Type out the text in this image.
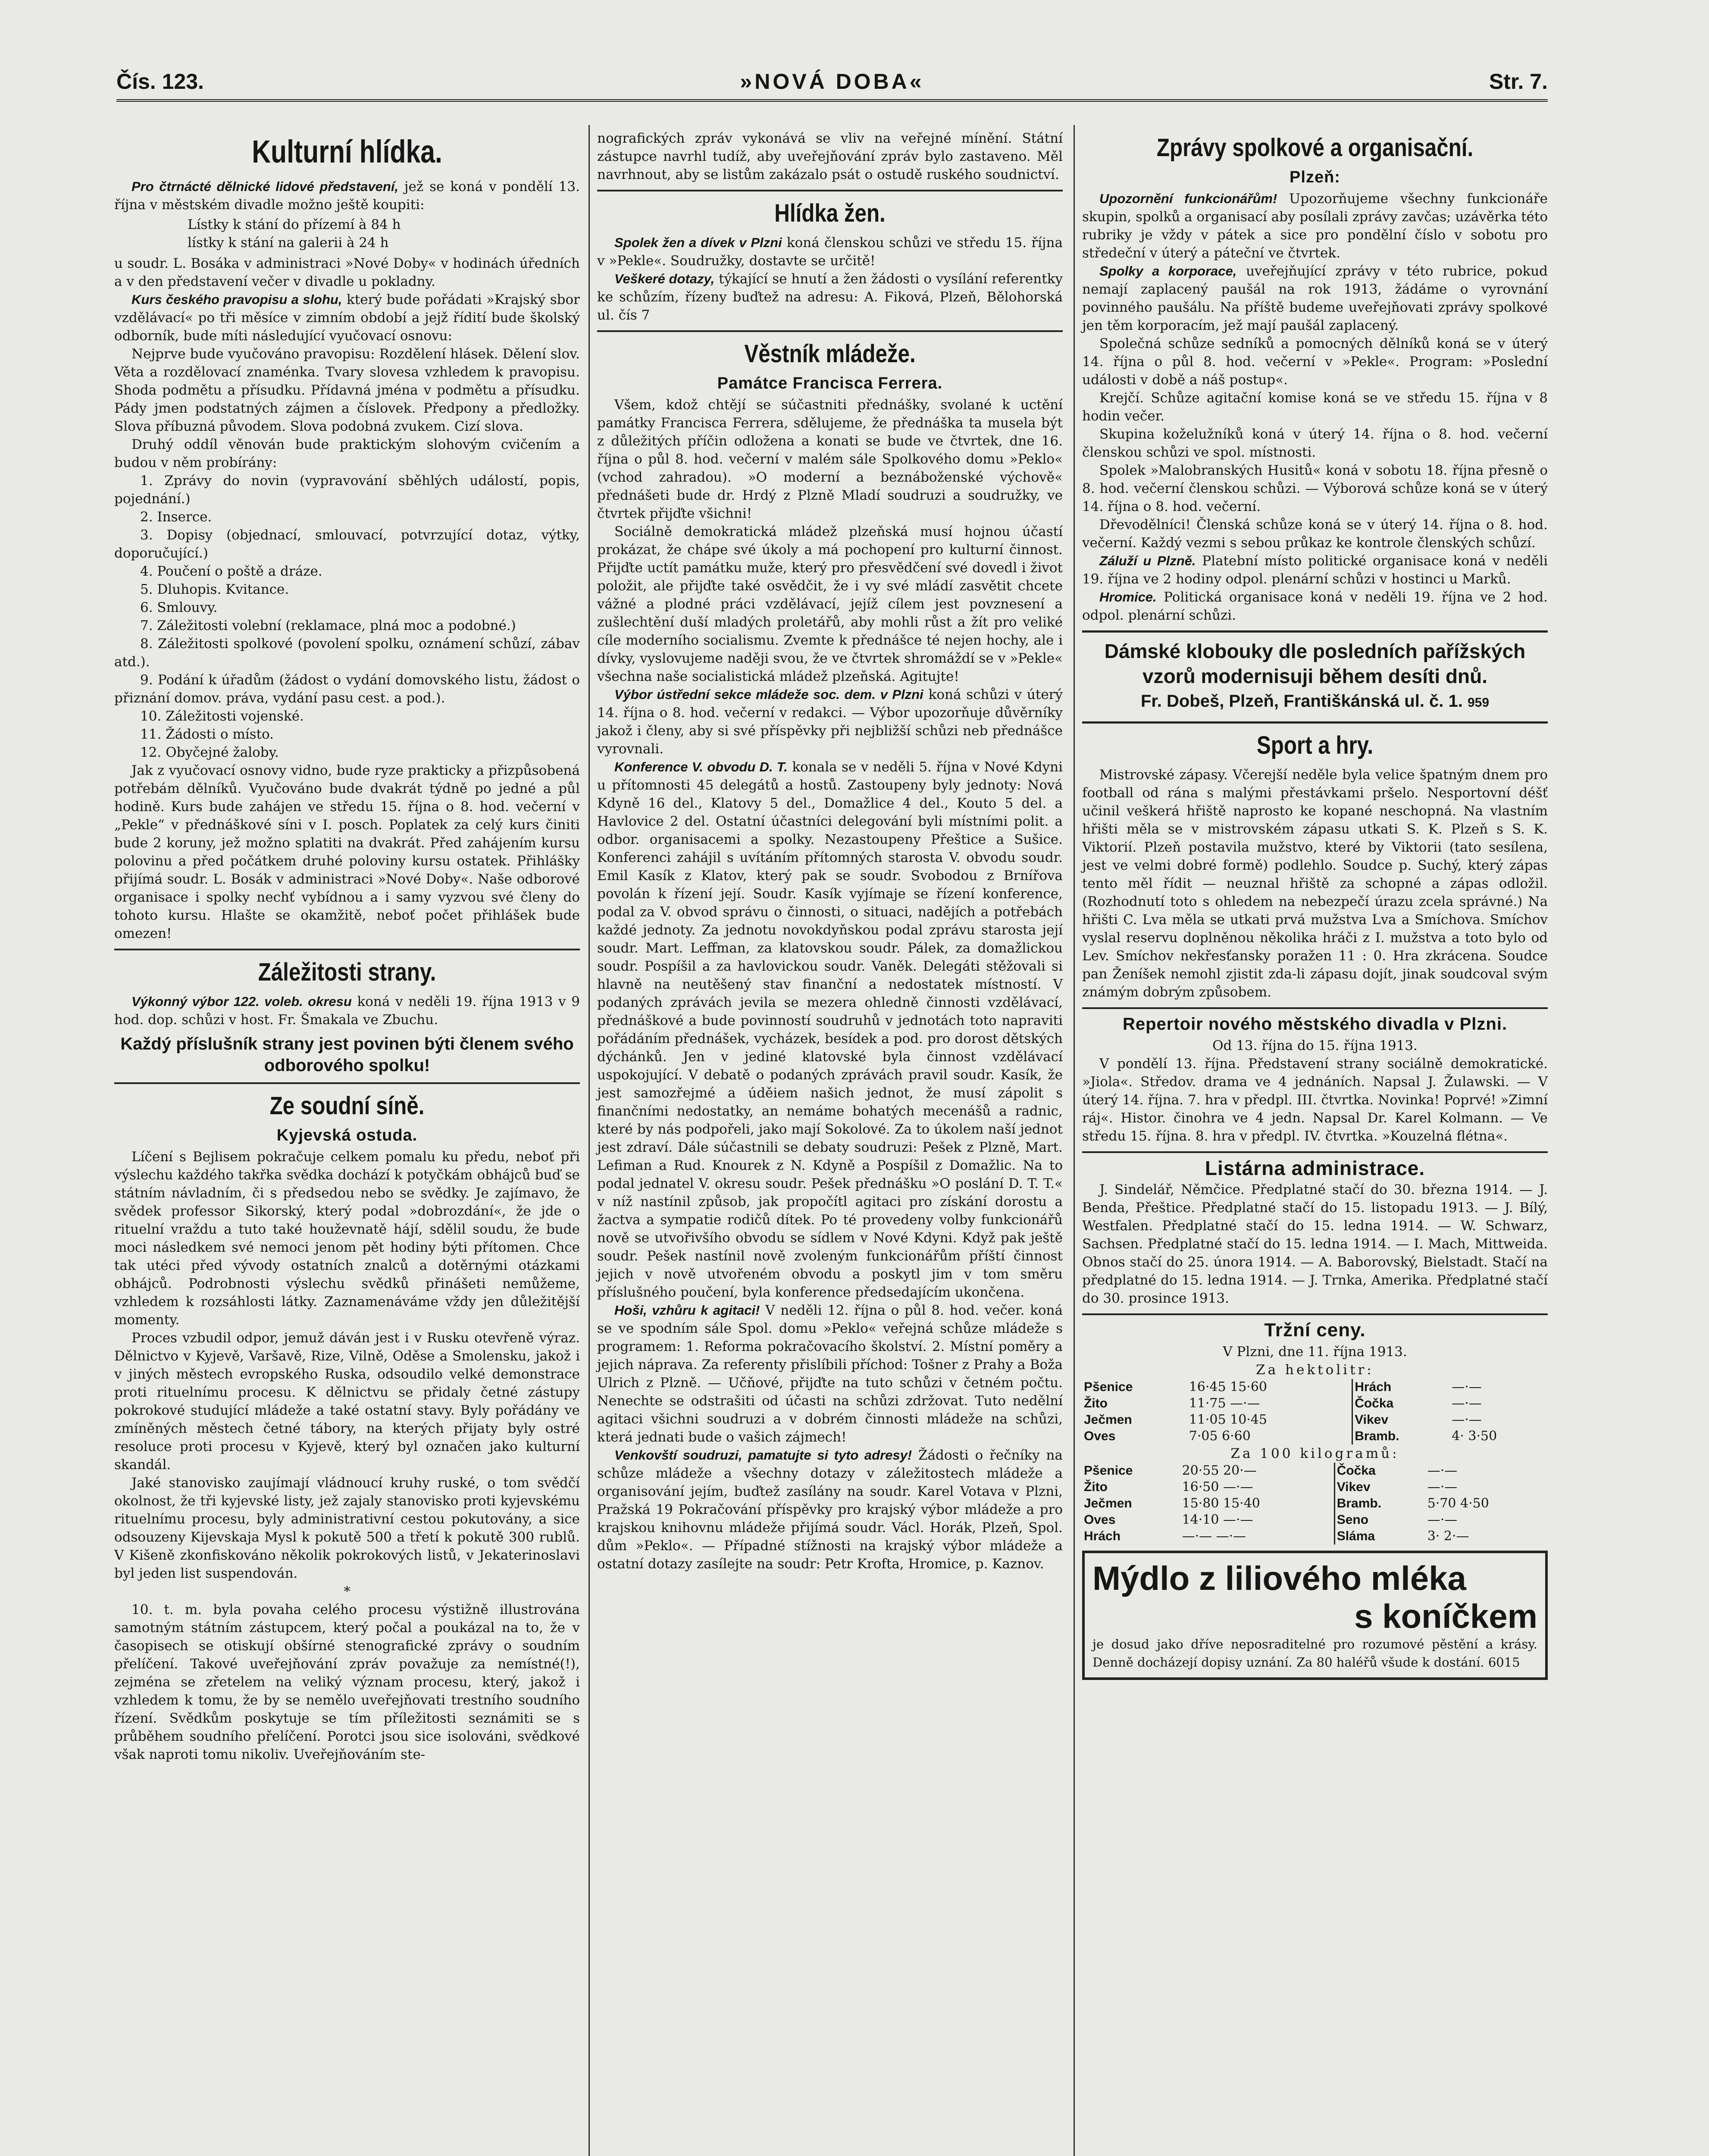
Čís. 123.	»NOVÁ DOBA«	Str. 7.
Kulturní hlídka.

Pro čtrnácté dělnické lidové představení, jež se koná v pondělí 13. října v městském divadle možno ještě koupiti:

Lístky k stání do přízemí à 84 h
lístky k stání na galerii à 24 h

u soudr. L. Bosáka v administraci »Nové Doby« v hodinách úředních a v den představení večer v divadle u pokladny.

Kurs českého pravopisu a slohu, který bude pořádati »Krajský sbor vzdělávací« po tři měsíce v zimním období a jejž řídití bude školský odborník, bude míti následující vyučovací osnovu:

Nejprve bude vyučováno pravopisu: Rozdělení hlásek. Dělení slov. Věta a rozdělovací znaménka. Tvary slovesa vzhledem k pravopisu. Shoda podmětu a přísudku. Přídavná jména v podmětu a přísudku. Pády jmen podstatných zájmen a číslovek. Předpony a předložky. Slova příbuzná původem. Slova podobná zvukem. Cizí slova.

Druhý oddíl věnován bude praktickým slohovým cvičením a budou v něm probírány:

1. Zprávy do novin (vypravování sběhlých událostí, popis, pojednání.)
2. Inserce.
3. Dopisy (objednací, smlouvací, potvrzující dotaz, výtky, doporučující.)
4. Poučení o poště a dráze.
5. Dluhopis. Kvitance.
6. Smlouvy.
7. Záležitosti volební (reklamace, plná moc a podobné.)
8. Záležitosti spolkové (povolení spolku, oznámení schůzí, zábav atd.).
9. Podání k úřadům (žádost o vydání domovského listu, žádost o přiznání domov. práva, vydání pasu cest. a pod.).
10. Záležitosti vojenské.
11. Žádosti o místo.
12. Obyčejné žaloby.

Jak z vyučovací osnovy vidno, bude ryze prakticky a přizpůsobená potřebám dělníků. Vyučováno bude dvakrát týdně po jedné a půl hodině. Kurs bude zahájen ve středu 15. října o 8. hod. večerní v „Pekle“ v přednáškové síni v I. posch. Poplatek za celý kurs činiti bude 2 koruny, jež možno splatiti na dvakrát. Před zahájením kursu polovinu a před počátkem druhé poloviny kursu ostatek. Přihlášky přijímá soudr. L. Bosák v administraci »Nové Doby«. Naše odborové organisace i spolky nechť vybídnou a i samy vyzvou své členy do tohoto kursu. Hlašte se okamžitě, neboť počet přihlášek bude omezen!

Záležitosti strany.

Výkonný výbor 122. voleb. okresu koná v neděli 19. října 1913 v 9 hod. dop. schůzi v host. Fr. Šmakala ve Zbuchu.

Každý příslušník strany jest povinen býti členem svého odborového spolku!
Ze soudní síně.
Kyjevská ostuda.

Líčení s Bejlisem pokračuje celkem pomalu ku předu, neboť při výslechu každého takřka svědka dochází k potyčkám obhájců buď se státním návladním, či s předsedou nebo se svědky. Je zajímavo, že svědek professor Sikorský, který podal »dobrozdání«, že jde o rituelní vraždu a tuto také houževnatě hájí, sdělil soudu, že bude moci následkem své nemoci jenom pět hodiny býti přítomen. Chce tak utéci před vývody ostatních znalců a dotěrnými otázkami obhájců. Podrobnosti výslechu svědků přinášeti nemůžeme, vzhledem k rozsáhlosti látky. Zaznamenáváme vždy jen důležitější momenty.

Proces vzbudil odpor, jemuž dáván jest i v Rusku otevřeně výraz. Dělnictvo v Kyjevě, Varšavě, Rize, Vilně, Oděse a Smolensku, jakož i v jiných městech evropského Ruska, odsoudilo velké demonstrace proti rituelnímu procesu. K dělnictvu se přidaly četné zástupy pokrokové studující mládeže a také ostatní stavy. Byly pořádány ve zmíněných městech četné tábory, na kterých přijaty byly ostré resoluce proti procesu v Kyjevě, který byl označen jako kulturní skandál.

Jaké stanovisko zaujímají vládnoucí kruhy ruské, o tom svědčí okolnost, že tři kyjevské listy, jež zajaly stanovisko proti kyjevskému rituelnímu procesu, byly administrativní cestou pokutovány, a sice odsouzeny Kijevskaja Mysl k pokutě 500 a třetí k pokutě 300 rublů. V Kišeně zkonfiskováno několik pokrokových listů, v Jekaterinoslavi byl jeden list suspendován.

*

10. t. m. byla povaha celého procesu výstižně illustrována samotným státním zástupcem, který počal a poukázal na to, že v časopisech se otiskují obšírné stenografické zprávy o soudním přelíčení. Takové uveřejňování zpráv považuje za nemístné(!), zejména se zřetelem na veliký význam procesu, který, jakož i vzhledem k tomu, že by se nemělo uveřejňovati trestního soudního řízení. Svědkům poskytuje se tím příležitosti seznámiti se s průběhem soudního přelíčení. Porotci jsou sice isolováni, svědkové však naproti tomu nikoliv. Uveřejňováním ste-

nografických zpráv vykonává se vliv na veřejné mínění. Státní zástupce navrhl tudíž, aby uveřejňování zpráv bylo zastaveno. Měl navrhnout, aby se listům zakázalo psát o ostudě ruského soudnictví.

Hlídka žen.

Spolek žen a dívek v Plzni koná členskou schůzi ve středu 15. října v »Pekle«. Soudružky, dostavte se určitě!

Veškeré dotazy, týkající se hnutí a žen žádosti o vysílání referentky ke schůzím, řízeny buďtež na adresu: A. Fiková, Plzeň, Bělohorská ul. čís 7

Věstník mládeže.
Památce Francisca Ferrera.

Všem, kdož chtějí se súčastniti přednášky, svolané k uctění památky Francisca Ferrera, sdělujeme, že přednáška ta musela být z důležitých příčin odložena a konati se bude ve čtvrtek, dne 16. října o půl 8. hod. večerní v malém sále Spolkového domu »Peklo« (vchod zahradou). »O moderní a beznáboženské výchově« přednášeti bude dr. Hrdý z Plzně Mladí soudruzi a soudružky, ve čtvrtek přijďte všichni!

Sociálně demokratická mládež plzeňská musí hojnou účastí prokázat, že chápe své úkoly a má pochopení pro kulturní činnost. Přijďte uctít památku muže, který pro přesvědčení své dovedl i život položit, ale přijďte také osvědčit, že i vy své mládí zasvětit chcete vážné a plodné práci vzdělávací, jejíž cílem jest povznesení a zušlechtění duší mladých proletářů, aby mohli růst a žít pro veliké cíle moderního socialismu. Zvemte k přednášce té nejen hochy, ale i dívky, vyslovujeme naději svou, že ve čtvrtek shromáždí se v »Pekle« všechna naše socialistická mládež plzeňská. Agitujte!

Výbor ústřední sekce mládeže soc. dem. v Plzni koná schůzi v úterý 14. října o 8. hod. večerní v redakci. — Výbor upozorňuje důvěrníky jakož i členy, aby si své příspěvky při nejbližší schůzi neb přednášce vyrovnali.

Konference V. obvodu D. T. konala se v neděli 5. října v Nové Kdyni u přítomnosti 45 delegátů a hostů. Zastoupeny byly jednoty: Nová Kdyně 16 del., Klatovy 5 del., Domažlice 4 del., Kouto 5 del. a Havlovice 2 del. Ostatní účastníci delegování byli místními polit. a odbor. organisacemi a spolky. Nezastoupeny Přeštice a Sušice. Konferenci zahájil s uvítáním přítomných starosta V. obvodu soudr. Emil Kasík z Klatov, který pak se soudr. Svobodou z Brnířova povolán k řízení její. Soudr. Kasík vyjímaje se řízení konference, podal za V. obvod správu o činnosti, o situaci, nadějích a potřebách každé jednoty. Za jednotu novokdyňskou podal zprávu starosta její soudr. Mart. Leffman, za klatovskou soudr. Pálek, za domažlickou soudr. Pospíšil a za havlovickou soudr. Vaněk. Delegáti stěžovali si hlavně na neutěšený stav finanční a nedostatek místností. V podaných zprávách jevila se mezera ohledně činnosti vzdělávací, přednáškové a bude povinností soudruhů v jednotách toto napraviti pořádáním přednášek, vycházek, besídek a pod. pro dorost dětských dýchánků. Jen v jediné klatovské byla činnost vzdělávací uspokojující. V debatě o podaných zprávách pravil soudr. Kasík, že jest samozřejmé a úděiem našich jednot, že musí zápolit s finančními nedostatky, an nemáme bohatých mecenášů a radnic, které by nás podpořeli, jako mají Sokolové. Za to úkolem naší jednot jest zdraví. Dále súčastnili se debaty soudruzi: Pešek z Plzně, Mart. Lefiman a Rud. Knourek z N. Kdyně a Pospíšil z Domažlic. Na to podal jednatel V. okresu soudr. Pešek přednášku »O poslání D. T. T.« v níž nastínil způsob, jak propočítl agitaci pro získání dorostu a žactva a sympatie rodičů dítek. Po té provedeny volby funkcionářů nově se utvořivšího obvodu se sídlem v Nové Kdyni. Když pak ještě soudr. Pešek nastínil nově zvoleným funkcionářům příští činnost jejich v nově utvořeném obvodu a poskytl jim v tom směru příslušného poučení, byla konference předsedajícím ukončena.

Hoši, vzhůru k agitaci! V neděli 12. října o půl 8. hod. večer. koná se ve spodním sále Spol. domu »Peklo« veřejná schůze mládeže s programem: 1. Reforma pokračovacího školství. 2. Místní poměry a jejich náprava. Za referenty přislíbili příchod: Tošner z Prahy a Boža Ulrich z Plzně. — Učňové, přijďte na tuto schůzi v četném počtu. Nenechte se odstrašiti od účasti na schůzi zdržovat. Tuto nedělní agitaci všichni soudruzi a v dobrém činnosti mládeže na schůzi, která jednati bude o vašich zájmech!

Venkovští soudruzi, pamatujte si tyto adresy! Žádosti o řečníky na schůze mládeže a všechny dotazy v záležitostech mládeže a organisování jejím, buďtež zasílány na soudr. Karel Votava v Plzni, Pražská 19 Pokračování příspěvky pro krajský výbor mládeže a pro krajskou knihovnu mládeže přijímá soudr. Václ. Horák, Plzeň, Spol. dům »Peklo«. — Případné stížnosti na krajský výbor mládeže a ostatní dotazy zasílejte na soudr: Petr Krofta, Hromice, p. Kaznov.

Zprávy spolkové a organisační.
Plzeň:

Upozornění funkcionářům! Upozorňujeme všechny funkcionáře skupin, spolků a organisací aby posílali zprávy zavčas; uzávěrka této rubriky je vždy v pátek a sice pro pondělní číslo v sobotu pro středeční v úterý a páteční ve čtvrtek.

Spolky a korporace, uveřejňující zprávy v této rubrice, pokud nemají zaplacený paušál na rok 1913, žádáme o vyrovnání povinného paušálu. Na příště budeme uveřejňovati zprávy spolkové jen těm korporacím, jež mají paušál zaplacený.

Společná schůze sedníků a pomocných dělníků koná se v úterý 14. října o půl 8. hod. večerní v »Pekle«. Program: »Poslední události v době a náš postup«.

Krejčí. Schůze agitační komise koná se ve středu 15. října v 8 hodin večer.

Skupina koželužníků koná v úterý 14. října o 8. hod. večerní členskou schůzi ve spol. místnosti.

Spolek »Malobranských Husitů« koná v sobotu 18. října přesně o 8. hod. večerní členskou schůzi. — Výborová schůze koná se v úterý 14. října o 8. hod. večerní.

Dřevodělníci! Členská schůze koná se v úterý 14. října o 8. hod. večerní. Každý vezmi s sebou průkaz ke kontrole členských schůzí.

Záluží u Plzně. Platební místo politické organisace koná v neděli 19. října ve 2 hodiny odpol. plenární schůzi v hostinci u Marků.

Hromice. Politická organisace koná v neděli 19. října ve 2 hod. odpol. plenární schůzi.

Dámské klobouky dle posledních pařížských vzorů modernisuji během desíti dnů.
Fr. Dobeš, Plzeň, Františkánská ul. č. 1. 959
Sport a hry.

Mistrovské zápasy. Včerejší neděle byla velice špatným dnem pro football od rána s malými přestávkami pršelo. Nesportovní déšť učinil veškerá hřiště naprosto ke kopané neschopná. Na vlastním hřišti měla se v mistrovském zápasu utkati S. K. Plzeň s S. K. Viktorií. Plzeň postavila mužstvo, které by Viktorii (tato sesílena, jest ve velmi dobré formě) podlehlo. Soudce p. Suchý, který zápas tento měl řídit — neuznal hřiště za schopné a zápas odložil. (Rozhodnutí toto s ohledem na nebezpečí úrazu zcela správné.) Na hřišti C. Lva měla se utkati prvá mužstva Lva a Smíchova. Smíchov vyslal reservu doplněnou několika hráči z I. mužstva a toto bylo od Lev. Smíchov nekřesťansky poražen 11 : 0. Hra zkrácena. Soudce pan Ženíšek nemohl zjistit zda-li zápasu dojít, jinak soudcoval svým známým dobrým způsobem.

Repertoir nového městského divadla v Plzni.
Od 13. října do 15. října 1913.

V pondělí 13. října. Představení strany sociálně demokratické. »Jiola«. Středov. drama ve 4 jednáních. Napsal J. Žulawski. — V úterý 14. října. 7. hra v předpl. III. čtvrtka. Novinka! Poprvé! »Zimní ráj«. Histor. činohra ve 4 jedn. Napsal Dr. Karel Kolmann. — Ve středu 15. října. 8. hra v předpl. IV. čtvrtka. »Kouzelná flétna«.

Listárna administrace.

J. Sindelář, Němčice. Předplatné stačí do 30. března 1914. — J. Benda, Přeštice. Předplatné stačí do 15. listopadu 1913. — J. Bílý, Westfalen. Předplatné stačí do 15. ledna 1914. — W. Schwarz, Sachsen. Předplatné stačí do 15. ledna 1914. — I. Mach, Mittweida. Obnos stačí do 25. února 1914. — A. Baborovský, Bielstadt. Stačí na předplatné do 15. ledna 1914. — J. Trnka, Amerika. Předplatné stačí do 30. prosince 1913.

Tržní ceny.
V Plzni, dne 11. října 1913.
Za hektolitr:
Pšenice	16·45 15·60	Hrách	—·—
Žito	11·75 —·—	Čočka	—·—
Ječmen	11·05 10·45	Vikev	—·—
Oves	7·05 6·60	Bramb.	4· 3·50
Za 100 kilogramů:
Pšenice	20·55 20·—	Čočka	—·—
Žito	16·50 —·—	Vikev	—·—
Ječmen	15·80 15·40	Bramb.	5·70 4·50
Oves	14·10 —·—	Seno	—·—
Hrách	—·— —·—	Sláma	3· 2·—
Mýdlo z liliového mléka
s koníčkem

je dosud jako dříve neposraditelné pro rozumové pěstění a krásy. Denně docházejí dopisy uznání. Za 80 haléřů všude k dostání. 6015
